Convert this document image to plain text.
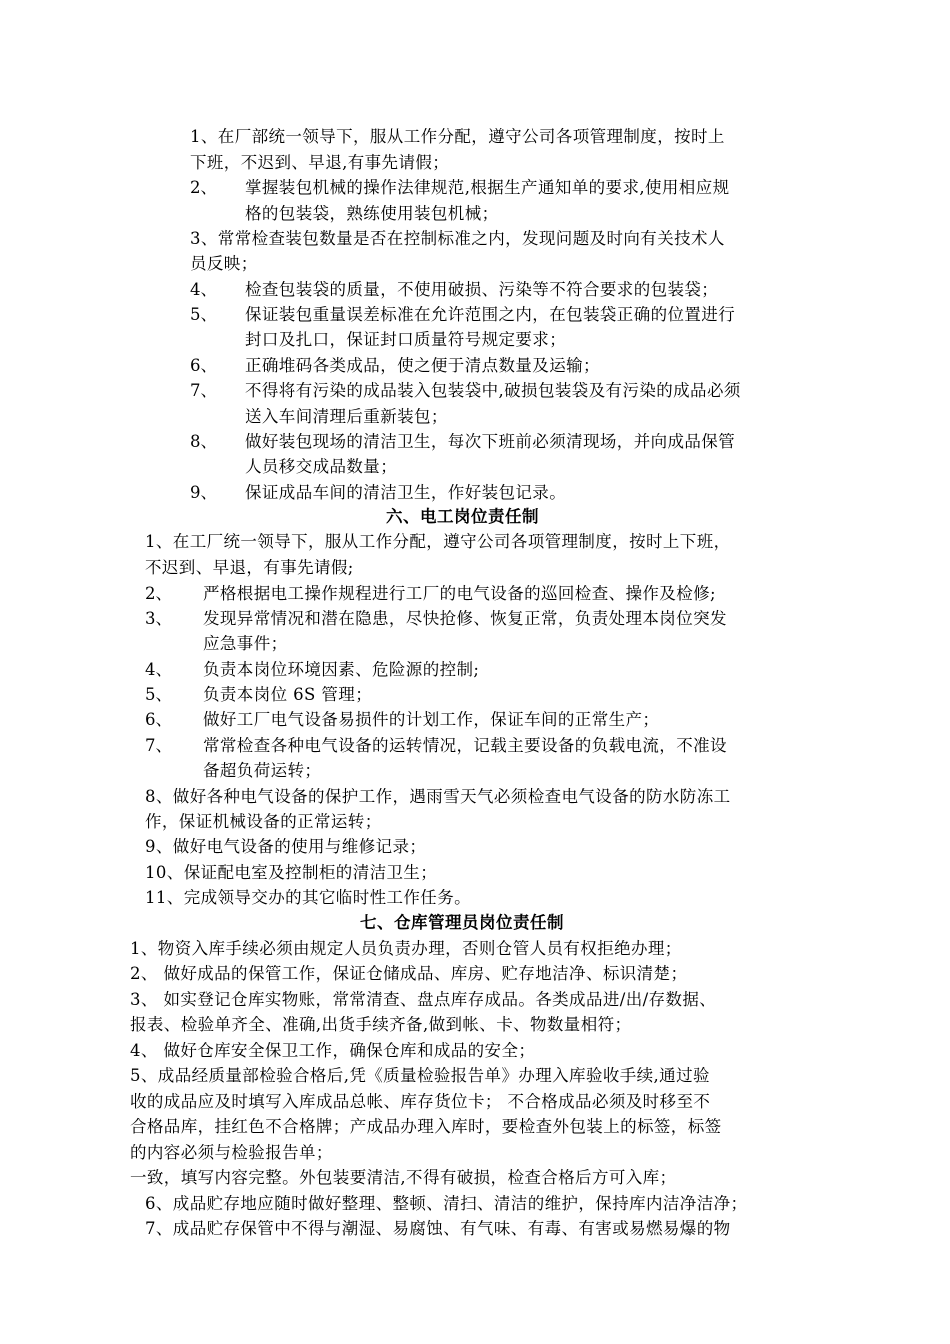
1、在厂部统一领导下，服从工作分配，遵守公司各项管理制度，按时上
下班，不迟到、早退,有事先请假；
2、 掌握装包机械的操作法律规范,根据生产通知单的要求,使用相应规
格的包装袋，熟练使用装包机械；
3、常常检查装包数量是否在控制标准之内，发现问题及时向有关技术人
员反映；
4、 检查包装袋的质量，不使用破损、污染等不符合要求的包装袋；
5、 保证装包重量误差标准在允许范围之内，在包装袋正确的位置进行
封口及扎口，保证封口质量符号规定要求；
6、 正确堆码各类成品，使之便于清点数量及运输；
7、 不得将有污染的成品装入包装袋中,破损包装袋及有污染的成品必须
送入车间清理后重新装包；
8、 做好装包现场的清洁卫生，每次下班前必须清现场，并向成品保管
人员移交成品数量；
9、 保证成品车间的清洁卫生，作好装包记录。
六、电工岗位责任制
1、在工厂统一领导下，服从工作分配，遵守公司各项管理制度，按时上下班，
不迟到、早退，有事先请假;
2、 严格根据电工操作规程进行工厂的电气设备的巡回检查、操作及检修;
3、 发现异常情况和潜在隐患，尽快抢修、恢复正常，负责处理本岗位突发
应急事件；
4、 负责本岗位环境因素、危险源的控制;
5、 负责本岗位 6S 管理；
6、 做好工厂电气设备易损件的计划工作，保证车间的正常生产；
7、 常常检查各种电气设备的运转情况，记载主要设备的负载电流，不准设
备超负荷运转；
8、做好各种电气设备的保护工作，遇雨雪天气必须检查电气设备的防水防冻工
作，保证机械设备的正常运转；
9、做好电气设备的使用与维修记录；
10、保证配电室及控制柜的清洁卫生；
11、完成领导交办的其它临时性工作任务。
七、仓库管理员岗位责任制
1、物资入库手续必须由规定人员负责办理，否则仓管人员有权拒绝办理；
2、 做好成品的保管工作，保证仓储成品、库房、贮存地洁净、标识清楚；
3、 如实登记仓库实物账，常常清查、盘点库存成品。各类成品进/出/存数据、
报表、检验单齐全、准确,出货手续齐备,做到帐、卡、物数量相符；
4、 做好仓库安全保卫工作，确保仓库和成品的安全；
5、成品经质量部检验合格后,凭《质量检验报告单》办理入库验收手续,通过验
收的成品应及时填写入库成品总帐、库存货位卡； 不合格成品必须及时移至不
合格品库，挂红色不合格牌；产成品办理入库时，要检查外包装上的标签，标签
的内容必须与检验报告单；
一致，填写内容完整。外包装要清洁,不得有破损，检查合格后方可入库；
6、成品贮存地应随时做好整理、整顿、清扫、清洁的维护，保持库内洁净洁净；
7、成品贮存保管中不得与潮湿、易腐蚀、有气味、有毒、有害或易燃易爆的物
